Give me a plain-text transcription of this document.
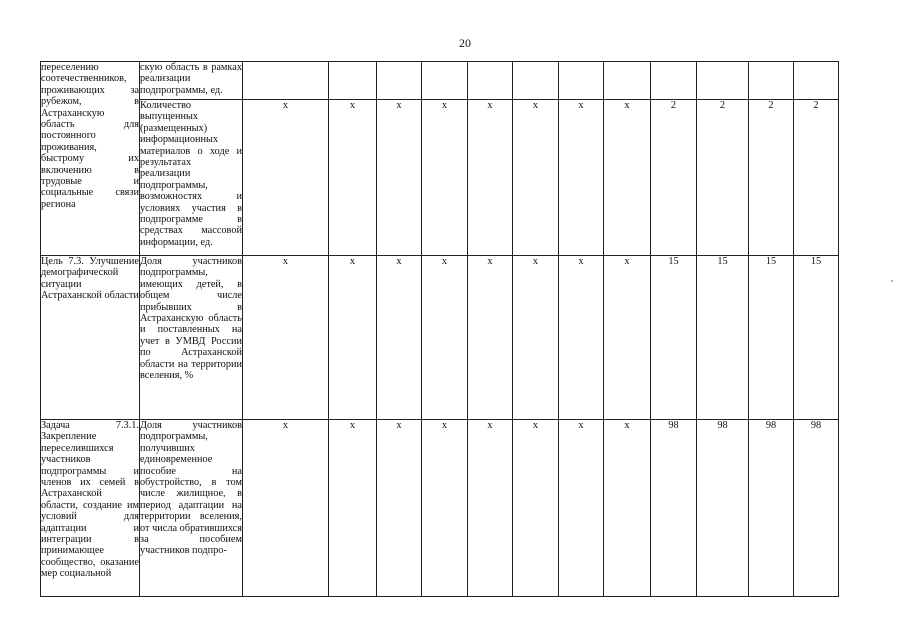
20
переселению соотечественников, проживающих за рубежом, в Астраханскую область для постоянного проживания, быстрому их включению в трудовые и социальные связи региона	скую область в рамках реализации подпрограммы, ед.												
	Количество выпущенных (размещенных) информационных материалов о ходе и результатах реализации подпрограммы, возможностях и условиях участия в подпрограмме в средствах массовой информации, ед.	x	x	x	x	x	x	x	x	2	2	2	2
Цель 7.3. Улучшение демографической ситуации Астраханской области	Доля участников подпрограммы, имеющих детей, в общем числе прибывших в Астраханскую область и поставленных на учет в УМВД России по Астраханской области на территории вселения, %	x	x	x	x	x	x	x	x	15	15	15	15
Задача 7.3.1. Закрепление переселившихся участников подпрограммы и членов их семей в Астраханской области, создание им условий для адаптации и интеграции в принимающее сообщество, оказание мер социальной	Доля участников подпрограммы, получивших единовременное пособие на обустройство, в том числе жилищное, в период адаптации на территории вселения, от числа обратившихся за пособием участников подпро-	x	x	x	x	x	x	x	x	98	98	98	98
